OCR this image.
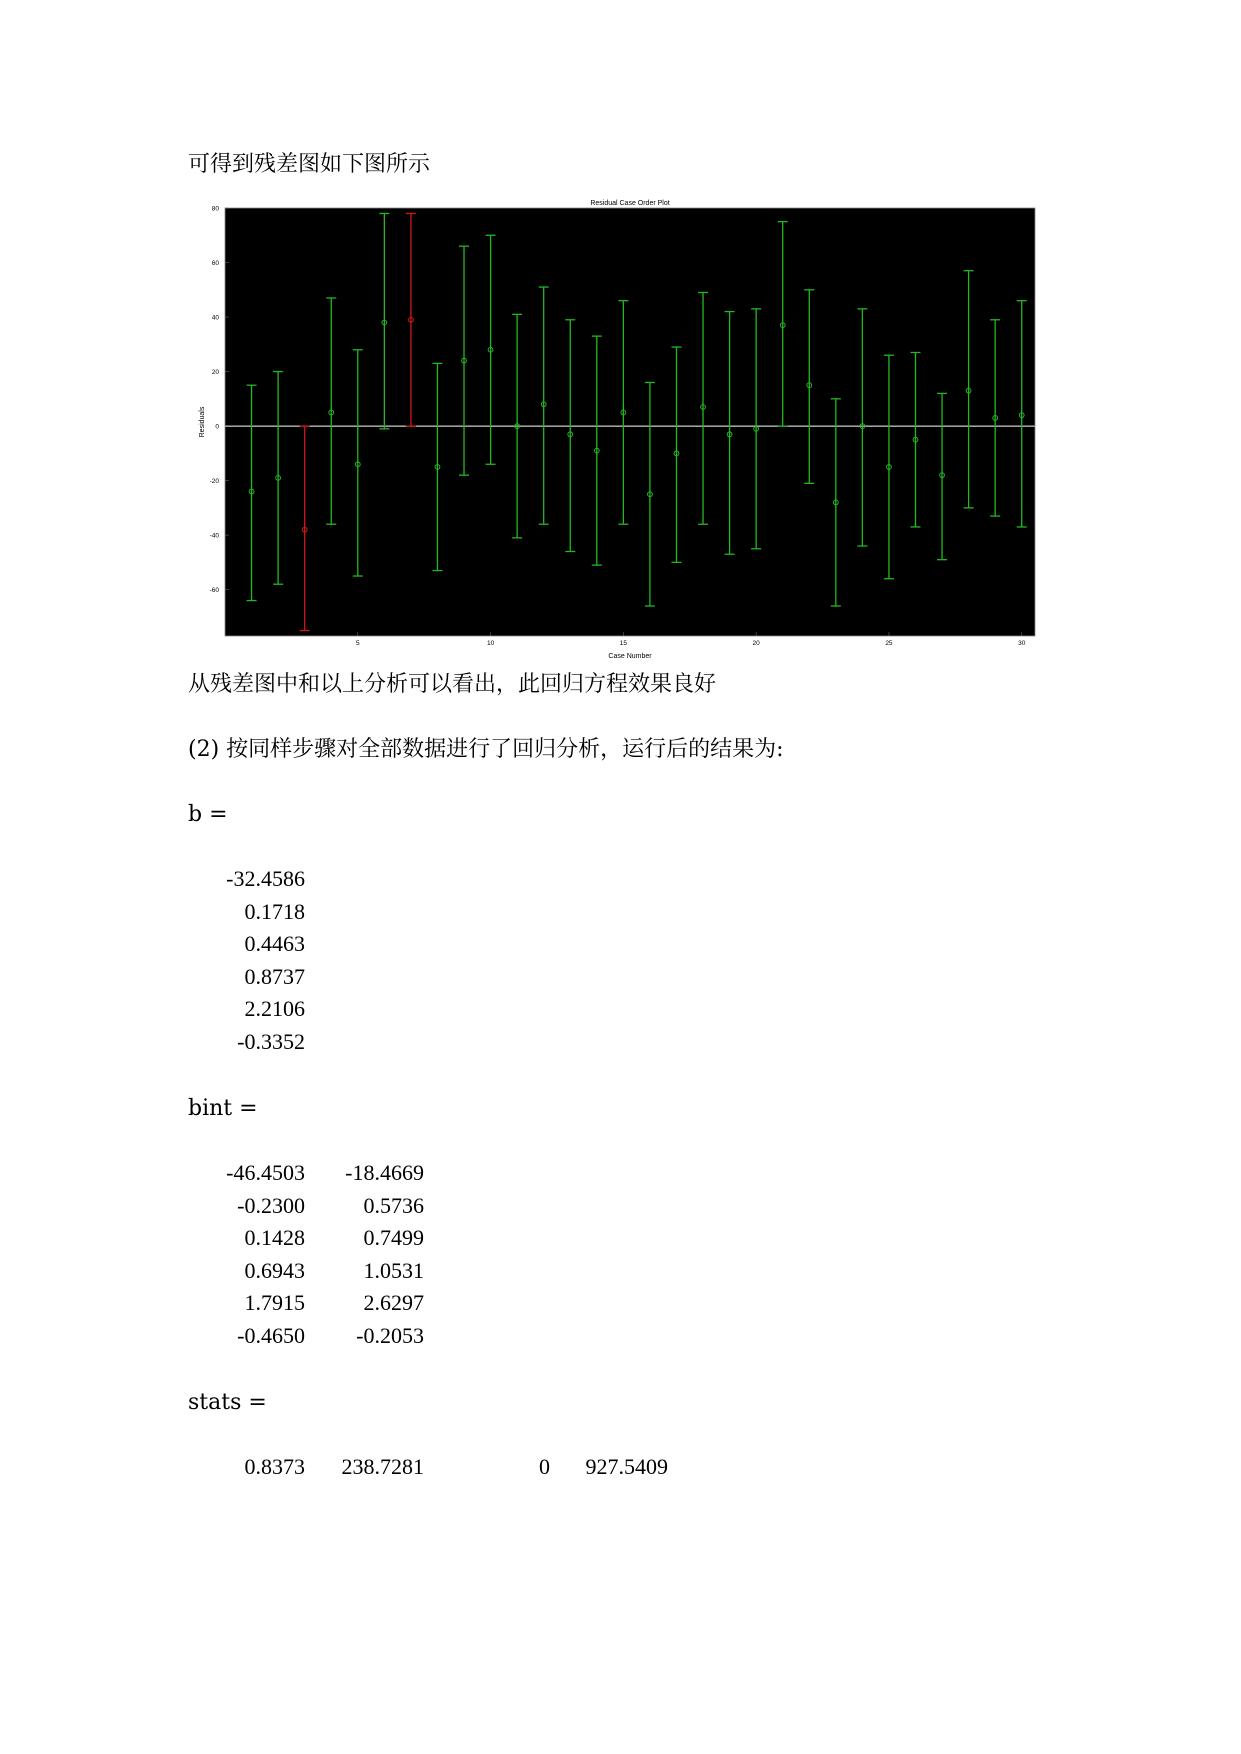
可得到残差图如下图所示
Residual Case Order Plot
Case Number
Residuals
-60
-40
-20
0
20
40
60
80
5	10	15	20	25	30
从残差图中和以上分析可以看出，此回归方程效果良好
(2) 按同样步骤对全部数据进行了回归分析，运行后的结果为:
b =
-32.4586
0.1718
0.4463
0.8737
2.2106
-0.3352
bint =
-46.4503	-18.4669
-0.2300	0.5736
0.1428	0.7499
0.6943	1.0531
1.7915	2.6297
-0.4650	-0.2053
stats =
0.8373	238.7281	0	927.5409
